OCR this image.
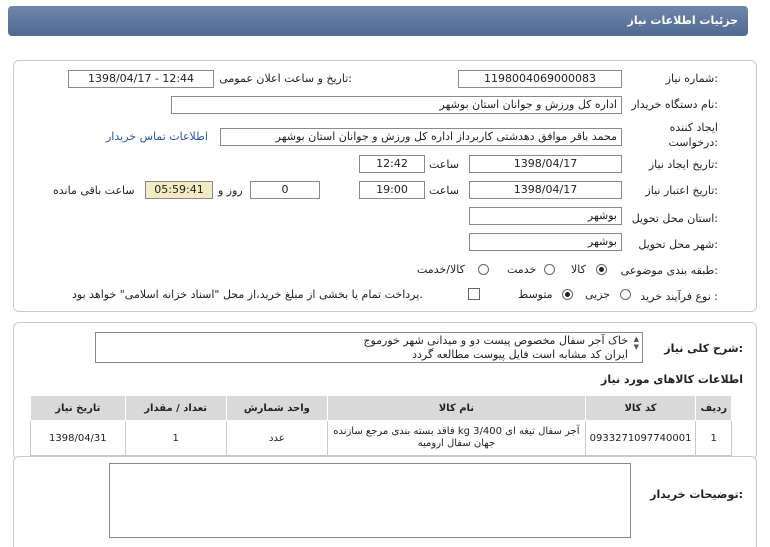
جزئیات اطلاعات نیاز
شماره نیاز:
1198004069000083
تاریخ و ساعت اعلان عمومی:
1398/04/17 - 12:44
نام دستگاه خریدار:
اداره کل ورزش و جوانان استان بوشهر
ایجاد کننده
درخواست:
محمد باقر موافق دهدشتی کاربرداز اداره کل ورزش و جوانان استان بوشهر
اطلاعات تماس خریدار
تاریخ ایجاد نیاز:
1398/04/17
ساعت
12:42
تاریخ اعتبار نیاز:
1398/04/17
ساعت
19:00
0
روز و
05:59:41
ساعت باقی مانده
استان محل تحویل:
بوشهر
شهر محل تحویل:
بوشهر
طبقه بندی موضوعی:
کالا
خدمت
کالا/خدمت
نوع فرآیند خرید :
جزیی
متوسط
پرداخت تمام یا بخشی از مبلغ خرید،از محل "اسناد خزانه اسلامی" خواهد بود.
شرح کلی نیاز:
خاک آجر سفال مخصوص پیست دو و میدانی شهر خورموج
ایران کد مشابه است فایل پیوست مطالعه گردد
▲
▼
اطلاعات کالاهای مورد نیاز
ردیف	کد کالا	نام کالا	واحد شمارش	تعداد / مقدار	تاریخ نیاز
1	0933271097740001	آجر سفال تیغه ای 3/400 kg فاقد بسته بندی مرجع سازنده
جهان سفال ارومیه	عدد	1	1398/04/31
توضیحات خریدار:
